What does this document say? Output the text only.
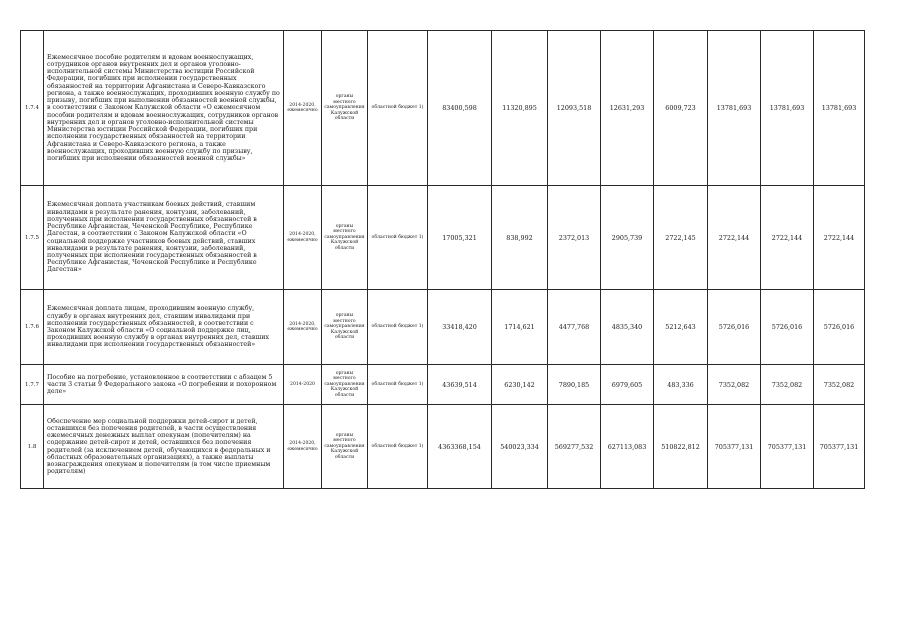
1.7.4	Ежемесячное пособие родителям и вдовам военнослужащих, сотрудников органов внутренних дел и органов уголовно-исполнительной системы Министерства юстиции Российской Федерации, погибших при исполнении государственных обязанностей на территории Афганистана и Северо-Кавказского региона, а также военнослужащих, проходивших военную службу по призыву, погибших при выполнении обязанностей военной службы, в соответствии с Законом Калужской области «О ежемесячном пособии родителям и вдовам военнослужащих, сотрудников органов внутренних дел и органов уголовно-исполнительной системы Министерства юстиции Российской Федерации, погибших при исполнении государственных обязанностей на территории Афганистана и Северо-Кавказского региона, а также военнослужащих, проходивших военную службу по призыву, погибших при исполнении обязанностей военной службы»	2014-2020, ежемесячно	органы местного самоуправления Калужской области	областной бюджет 1)	83400,598	11320,895	12093,518	12631,293	6009,723	13781,693	13781,693	13781,693
1.7.5	Ежемесячная доплата участникам боевых действий, ставшим инвалидами в результате ранения, контузии, заболеваний, полученных при исполнении государственных обязанностей в Республике Афганистан, Чеченской Республике, Республике Дагестан, в соответствии с Законом Калужской области «О социальной поддержке участников боевых действий, ставших инвалидами в результате ранения, контузии, заболеваний, полученных при исполнении государственных обязанностей в Республике Афганистан, Чеченской Республике и Республике Дагестан»	2014-2020, ежемесячно	органы местного самоуправления Калужской области	областной бюджет 1)	17005,321	838,992	2372,013	2905,739	2722,145	2722,144	2722,144	2722,144
1.7.6	Ежемесячная доплата лицам, проходившим военную службу, службу в органах внутренних дел, ставшим инвалидами при исполнении государственных обязанностей, в соответствии с Законом Калужской области «О социальной поддержке лиц, проходивших военную службу в органах внутренних дел, ставших инвалидами при исполнении государственных обязанностей»	2014-2020, ежемесячно	органы местного самоуправления Калужской области	областной бюджет 1)	33418,420	1714,621	4477,768	4835,340	5212,643	5726,016	5726,016	5726,016
1.7.7	Пособие на погребение, установленное в соответствии с абзацем 5 части 3 статьи 9 Федерального закона «О погребении и похоронном деле»	2014-2020	органы местного самоуправления Калужской области	областной бюджет 1)	43639,514	6230,142	7890,185	6979,605	483,336	7352,082	7352,082	7352,082
1.8	Обеспечение мер социальной поддержки детей-сирот и детей, оставшихся без попечения родителей, в части осуществления ежемесячных денежных выплат опекунам (попечителям) на содержание детей-сирот и детей, оставшихся без попечения родителей (за исключением детей, обучающихся в федеральных и областных образовательных организациях), а также выплаты вознаграждения опекунам и попечителям (в том числе приемным родителям)	2014-2020, ежемесячно	органы местного самоуправления Калужской области	областной бюджет 1)	4363368,154	540023,334	569277,532	627113,083	510822,812	705377,131	705377,131	705377,131
